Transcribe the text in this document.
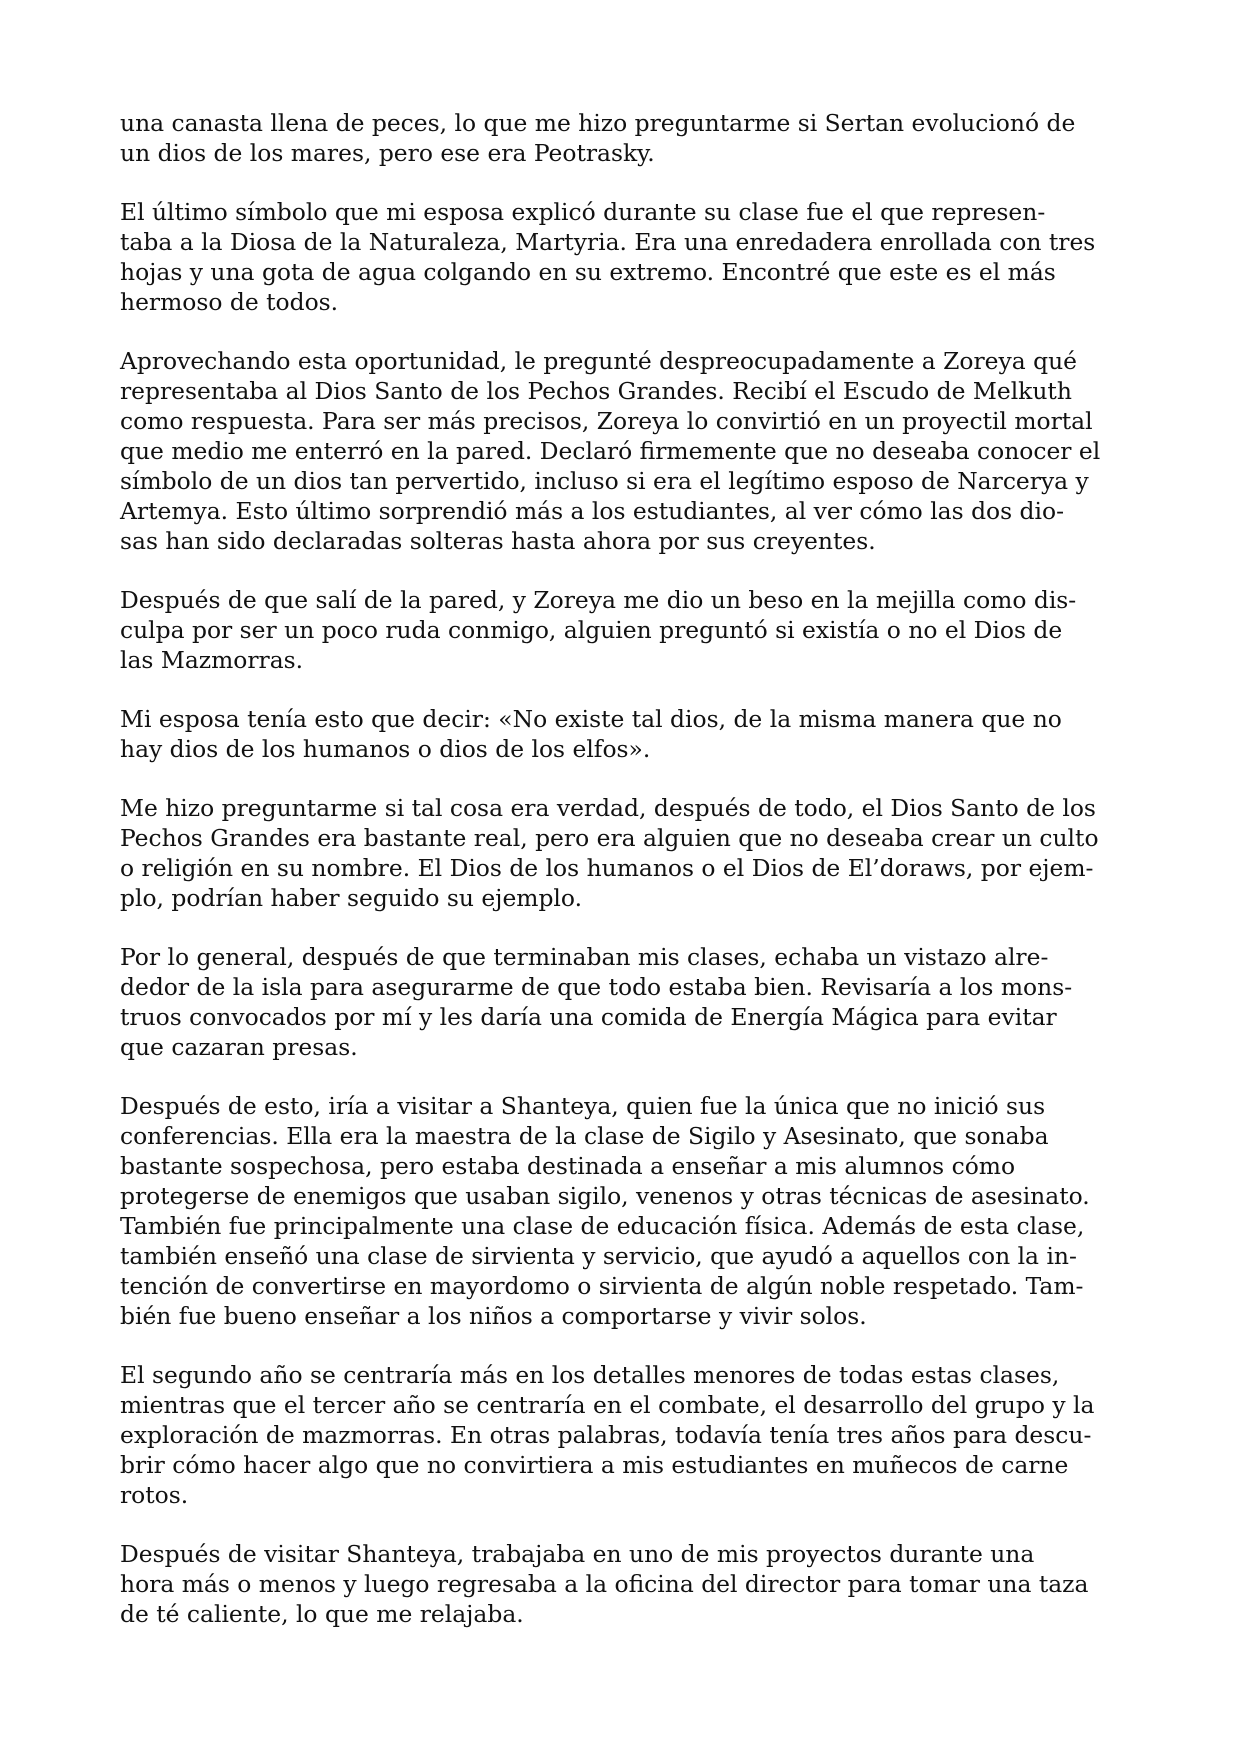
una canasta llena de peces, lo que me hizo preguntarme si Sertan evolucionó de
un dios de los mares, pero ese era Peotrasky.

El último símbolo que mi esposa explicó durante su clase fue el que represen-
taba a la Diosa de la Naturaleza, Martyria. Era una enredadera enrollada con tres
hojas y una gota de agua colgando en su extremo. Encontré que este es el más
hermoso de todos.

Aprovechando esta oportunidad, le pregunté despreocupadamente a Zoreya qué
representaba al Dios Santo de los Pechos Grandes. Recibí el Escudo de Melkuth
como respuesta. Para ser más precisos, Zoreya lo convirtió en un proyectil mortal
que medio me enterró en la pared. Declaró firmemente que no deseaba conocer el
símbolo de un dios tan pervertido, incluso si era el legítimo esposo de Narcerya y
Artemya. Esto último sorprendió más a los estudiantes, al ver cómo las dos dio-
sas han sido declaradas solteras hasta ahora por sus creyentes.

Después de que salí de la pared, y Zoreya me dio un beso en la mejilla como dis-
culpa por ser un poco ruda conmigo, alguien preguntó si existía o no el Dios de
las Mazmorras.

Mi esposa tenía esto que decir: «No existe tal dios, de la misma manera que no
hay dios de los humanos o dios de los elfos».

Me hizo preguntarme si tal cosa era verdad, después de todo, el Dios Santo de los
Pechos Grandes era bastante real, pero era alguien que no deseaba crear un culto
o religión en su nombre. El Dios de los humanos o el Dios de El’doraws, por ejem-
plo, podrían haber seguido su ejemplo.

Por lo general, después de que terminaban mis clases, echaba un vistazo alre-
dedor de la isla para asegurarme de que todo estaba bien. Revisaría a los mons-
truos convocados por mí y les daría una comida de Energía Mágica para evitar
que cazaran presas.

Después de esto, iría a visitar a Shanteya, quien fue la única que no inició sus
conferencias. Ella era la maestra de la clase de Sigilo y Asesinato, que sonaba
bastante sospechosa, pero estaba destinada a enseñar a mis alumnos cómo
protegerse de enemigos que usaban sigilo, venenos y otras técnicas de asesinato.
También fue principalmente una clase de educación física. Además de esta clase,
también enseñó una clase de sirvienta y servicio, que ayudó a aquellos con la in-
tención de convertirse en mayordomo o sirvienta de algún noble respetado. Tam-
bién fue bueno enseñar a los niños a comportarse y vivir solos.

El segundo año se centraría más en los detalles menores de todas estas clases,
mientras que el tercer año se centraría en el combate, el desarrollo del grupo y la
exploración de mazmorras. En otras palabras, todavía tenía tres años para descu-
brir cómo hacer algo que no convirtiera a mis estudiantes en muñecos de carne
rotos.

Después de visitar Shanteya, trabajaba en uno de mis proyectos durante una
hora más o menos y luego regresaba a la oficina del director para tomar una taza
de té caliente, lo que me relajaba.
